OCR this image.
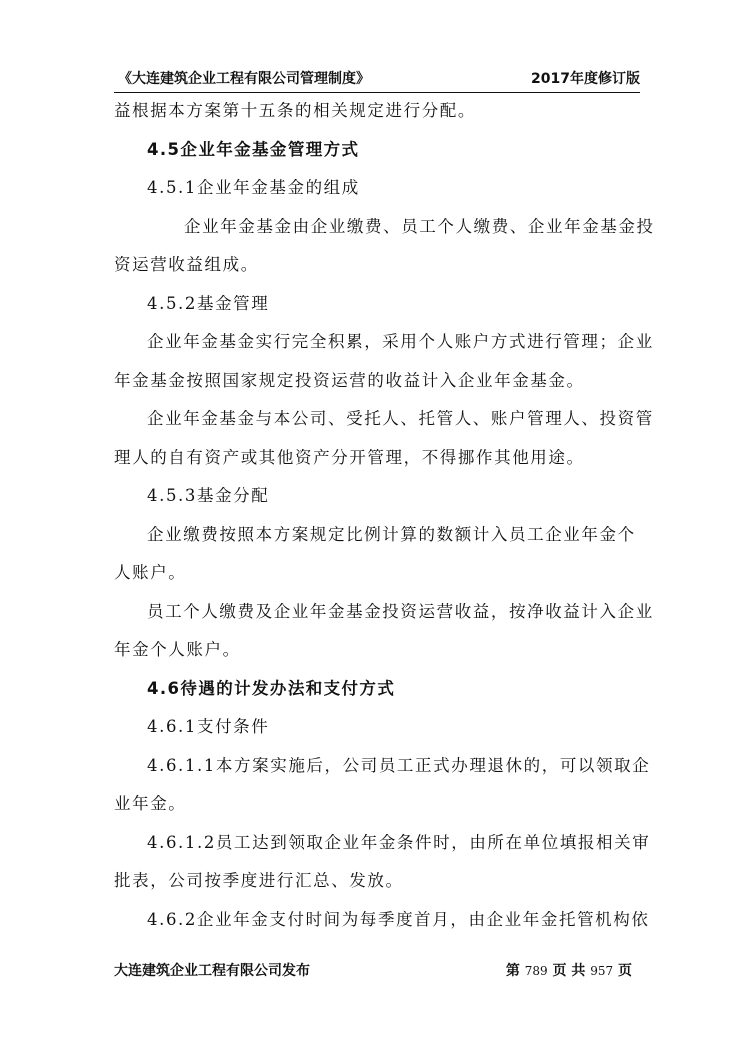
《大连建筑企业工程有限公司管理制度》	2017年度修订版

益根据本方案第十五条的相关规定进行分配。

4.5企业年金基金管理方式

4.5.1企业年金基金的组成

企业年金基金由企业缴费、员工个人缴费、企业年金基金投

资运营收益组成。

4.5.2基金管理

企业年金基金实行完全积累，采用个人账户方式进行管理；企业

年金基金按照国家规定投资运营的收益计入企业年金基金。

企业年金基金与本公司、受托人、托管人、账户管理人、投资管

理人的自有资产或其他资产分开管理，不得挪作其他用途。

4.5.3基金分配

企业缴费按照本方案规定比例计算的数额计入员工企业年金个

人账户。

员工个人缴费及企业年金基金投资运营收益，按净收益计入企业

年金个人账户。

4.6待遇的计发办法和支付方式

4.6.1支付条件

4.6.1.1本方案实施后，公司员工正式办理退休的，可以领取企

业年金。

4.6.1.2员工达到领取企业年金条件时，由所在单位填报相关审

批表，公司按季度进行汇总、发放。

4.6.2企业年金支付时间为每季度首月，由企业年金托管机构依

大连建筑企业工程有限公司发布	第 789 页 共 957 页
